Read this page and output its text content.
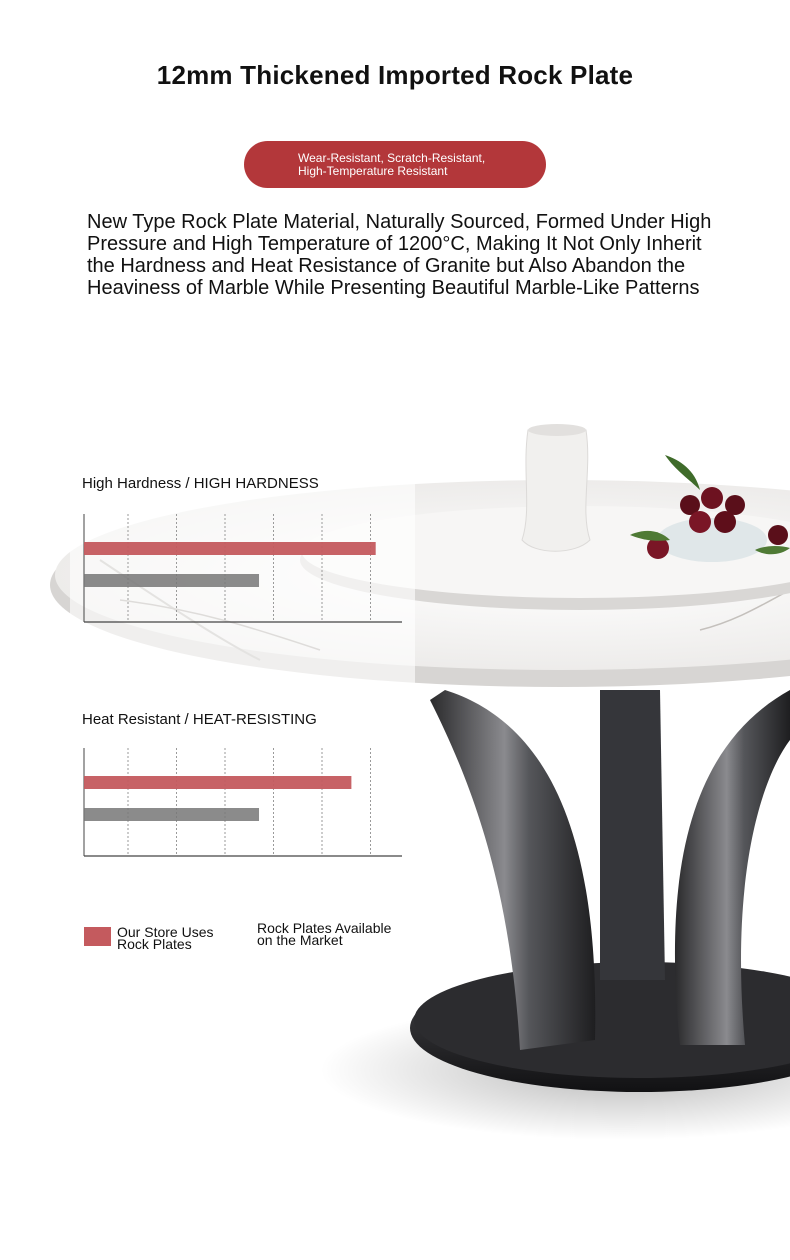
12mm Thickened Imported Rock Plate
Wear-Resistant, Scratch-Resistant,
High-Temperature Resistant
New Type Rock Plate Material, Naturally Sourced, Formed Under High Pressure and High Temperature of 1200°C, Making It Not Only Inherit the Hardness and Heat Resistance of Granite but Also Abandon the Heaviness of Marble While Presenting Beautiful Marble-Like Patterns
High Hardness / HIGH HARDNESS
Heat Resistant / HEAT-RESISTING
Our Store Uses
Rock Plates
Rock Plates Available
on the Market
